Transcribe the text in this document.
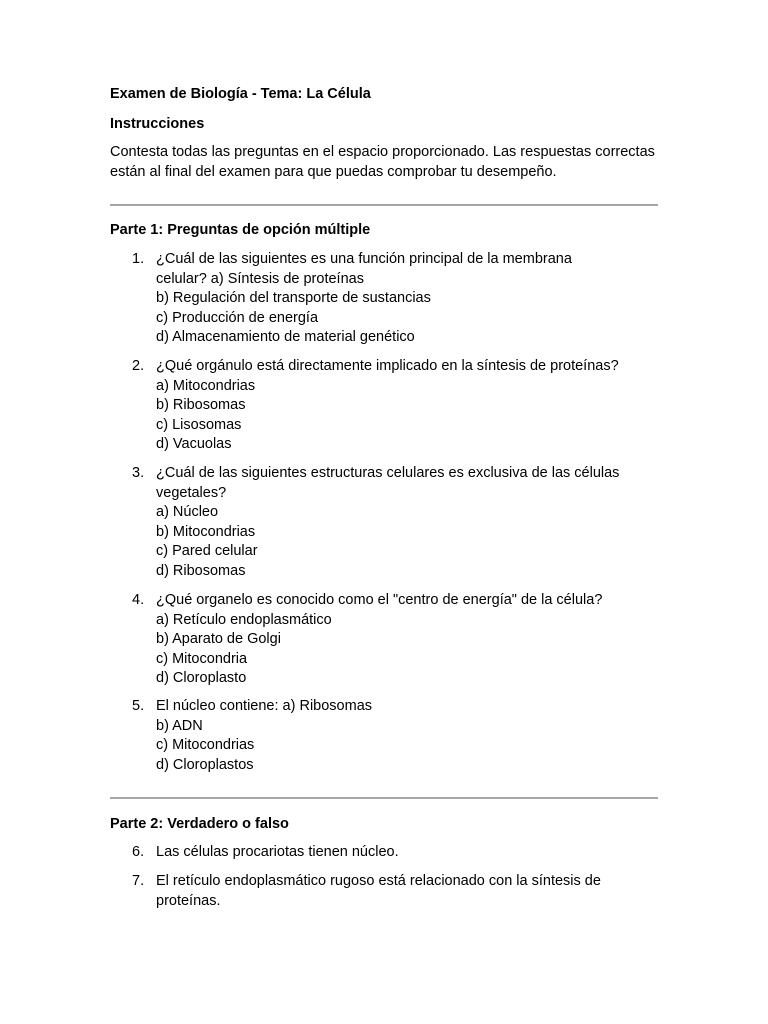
Examen de Biología - Tema: La Célula
Instrucciones
Contesta todas las preguntas en el espacio proporcionado. Las respuestas correctas están al final del examen para que puedas comprobar tu desempeño.
Parte 1: Preguntas de opción múltiple
1. ¿Cuál de las siguientes es una función principal de la membrana
celular? a) Síntesis de proteínas
b) Regulación del transporte de sustancias
c) Producción de energía
d) Almacenamiento de material genético
2. ¿Qué orgánulo está directamente implicado en la síntesis de proteínas?
a) Mitocondrias
b) Ribosomas
c) Lisosomas
d) Vacuolas
3. ¿Cuál de las siguientes estructuras celulares es exclusiva de las células
vegetales?
a) Núcleo
b) Mitocondrias
c) Pared celular
d) Ribosomas
4. ¿Qué organelo es conocido como el "centro de energía" de la célula?
a) Retículo endoplasmático
b) Aparato de Golgi
c) Mitocondria
d) Cloroplasto
5. El núcleo contiene: a) Ribosomas
b) ADN
c) Mitocondrias
d) Cloroplastos
Parte 2: Verdadero o falso
6. Las células procariotas tienen núcleo.
7. El retículo endoplasmático rugoso está relacionado con la síntesis de
proteínas.
